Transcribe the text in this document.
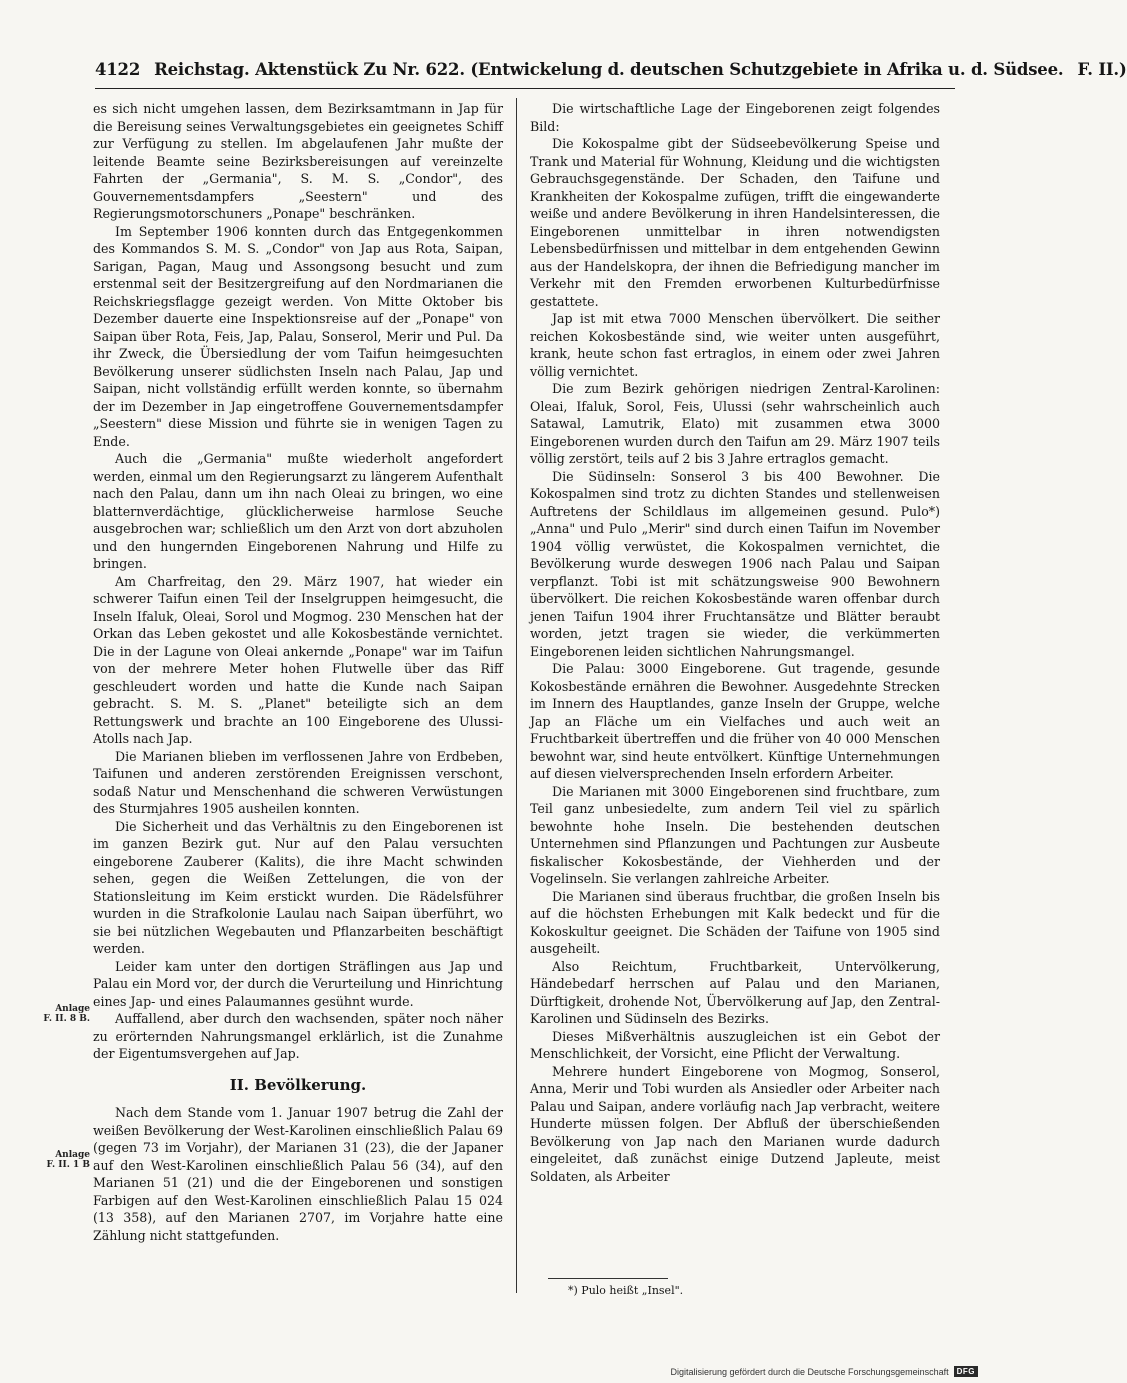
4122 Reichstag. Aktenstück Zu Nr. 622. (Entwickelung d. deutschen Schutzgebiete in Afrika u. d. Südsee. F. II.)

es sich nicht umgehen lassen, dem Bezirksamtmann in Jap für die Bereisung seines Verwaltungsgebietes ein geeignetes Schiff zur Verfügung zu stellen. Im abgelaufenen Jahr mußte der leitende Beamte seine Bezirksbereisungen auf vereinzelte Fahrten der „Germania", S. M. S. „Condor", des Gouvernementsdampfers „Seestern" und des Regierungsmotorschuners „Ponape" beschränken.

Im September 1906 konnten durch das Entgegenkommen des Kommandos S. M. S. „Condor" von Jap aus Rota, Saipan, Sarigan, Pagan, Maug und Assongsong besucht und zum erstenmal seit der Besitzergreifung auf den Nordmarianen die Reichskriegsflagge gezeigt werden. Von Mitte Oktober bis Dezember dauerte eine Inspektionsreise auf der „Ponape" von Saipan über Rota, Feis, Jap, Palau, Sonserol, Merir und Pul. Da ihr Zweck, die Übersiedlung der vom Taifun heimgesuchten Bevölkerung unserer südlichsten Inseln nach Palau, Jap und Saipan, nicht vollständig erfüllt werden konnte, so übernahm der im Dezember in Jap eingetroffene Gouvernementsdampfer „Seestern" diese Mission und führte sie in wenigen Tagen zu Ende.

Auch die „Germania" mußte wiederholt angefordert werden, einmal um den Regierungsarzt zu längerem Aufenthalt nach den Palau, dann um ihn nach Oleai zu bringen, wo eine blatternverdächtige, glücklicherweise harmlose Seuche ausgebrochen war; schließlich um den Arzt von dort abzuholen und den hungernden Eingeborenen Nahrung und Hilfe zu bringen.

Am Charfreitag, den 29. März 1907, hat wieder ein schwerer Taifun einen Teil der Inselgruppen heimgesucht, die Inseln Ifaluk, Oleai, Sorol und Mogmog. 230 Menschen hat der Orkan das Leben gekostet und alle Kokosbestände vernichtet. Die in der Lagune von Oleai ankernde „Ponape" war im Taifun von der mehrere Meter hohen Flutwelle über das Riff geschleudert worden und hatte die Kunde nach Saipan gebracht. S. M. S. „Planet" beteiligte sich an dem Rettungswerk und brachte an 100 Eingeborene des Ulussi-Atolls nach Jap.

Die Marianen blieben im verflossenen Jahre von Erdbeben, Taifunen und anderen zerstörenden Ereignissen verschont, sodaß Natur und Menschenhand die schweren Verwüstungen des Sturmjahres 1905 ausheilen konnten.

Die Sicherheit und das Verhältnis zu den Eingeborenen ist im ganzen Bezirk gut. Nur auf den Palau versuchten eingeborene Zauberer (Kalits), die ihre Macht schwinden sehen, gegen die Weißen Zettelungen, die von der Stationsleitung im Keim erstickt wurden. Die Rädelsführer wurden in die Strafkolonie Laulau nach Saipan überführt, wo sie bei nützlichen Wegebauten und Pflanzarbeiten beschäftigt werden.

Leider kam unter den dortigen Sträflingen aus Jap und Palau ein Mord vor, der durch die Verurteilung und Hinrichtung eines Jap- und eines Palaumannes gesühnt wurde.

Auffallend, aber durch den wachsenden, später noch näher zu erörternden Nahrungsmangel erklärlich, ist die Zunahme der Eigentumsvergehen auf Jap.

II. Bevölkerung.

Nach dem Stande vom 1. Januar 1907 betrug die Zahl der weißen Bevölkerung der West-Karolinen einschließlich Palau 69 (gegen 73 im Vorjahr), der Marianen 31 (23), die der Japaner auf den West-Karolinen einschließlich Palau 56 (34), auf den Marianen 51 (21) und die der Eingeborenen und sonstigen Farbigen auf den West-Karolinen einschließlich Palau 15 024 (13 358), auf den Marianen 2707, im Vorjahre hatte eine Zählung nicht stattgefunden.

Anlage
F. II. 8 B.
Anlage
F. II. 1 B

Die wirtschaftliche Lage der Eingeborenen zeigt folgendes Bild:

Die Kokospalme gibt der Südseebevölkerung Speise und Trank und Material für Wohnung, Kleidung und die wichtigsten Gebrauchsgegenstände. Der Schaden, den Taifune und Krankheiten der Kokospalme zufügen, trifft die eingewanderte weiße und andere Bevölkerung in ihren Handelsinteressen, die Eingeborenen unmittelbar in ihren notwendigsten Lebensbedürfnissen und mittelbar in dem entgehenden Gewinn aus der Handelskopra, der ihnen die Befriedigung mancher im Verkehr mit den Fremden erworbenen Kulturbedürfnisse gestattete.

Jap ist mit etwa 7000 Menschen übervölkert. Die seither reichen Kokosbestände sind, wie weiter unten ausgeführt, krank, heute schon fast ertraglos, in einem oder zwei Jahren völlig vernichtet.

Die zum Bezirk gehörigen niedrigen Zentral-Karolinen: Oleai, Ifaluk, Sorol, Feis, Ulussi (sehr wahrscheinlich auch Satawal, Lamutrik, Elato) mit zusammen etwa 3000 Eingeborenen wurden durch den Taifun am 29. März 1907 teils völlig zerstört, teils auf 2 bis 3 Jahre ertraglos gemacht.

Die Südinseln: Sonserol 3 bis 400 Bewohner. Die Kokospalmen sind trotz zu dichten Standes und stellenweisen Auftretens der Schildlaus im allgemeinen gesund. Pulo*) „Anna" und Pulo „Merir" sind durch einen Taifun im November 1904 völlig verwüstet, die Kokospalmen vernichtet, die Bevölkerung wurde deswegen 1906 nach Palau und Saipan verpflanzt. Tobi ist mit schätzungsweise 900 Bewohnern übervölkert. Die reichen Kokosbestände waren offenbar durch jenen Taifun 1904 ihrer Fruchtansätze und Blätter beraubt worden, jetzt tragen sie wieder, die verkümmerten Eingeborenen leiden sichtlichen Nahrungsmangel.

Die Palau: 3000 Eingeborene. Gut tragende, gesunde Kokosbestände ernähren die Bewohner. Ausgedehnte Strecken im Innern des Hauptlandes, ganze Inseln der Gruppe, welche Jap an Fläche um ein Vielfaches und auch weit an Fruchtbarkeit übertreffen und die früher von 40 000 Menschen bewohnt war, sind heute entvölkert. Künftige Unternehmungen auf diesen vielversprechenden Inseln erfordern Arbeiter.

Die Marianen mit 3000 Eingeborenen sind fruchtbare, zum Teil ganz unbesiedelte, zum andern Teil viel zu spärlich bewohnte hohe Inseln. Die bestehenden deutschen Unternehmen sind Pflanzungen und Pachtungen zur Ausbeute fiskalischer Kokosbestände, der Viehherden und der Vogelinseln. Sie verlangen zahlreiche Arbeiter.

Die Marianen sind überaus fruchtbar, die großen Inseln bis auf die höchsten Erhebungen mit Kalk bedeckt und für die Kokoskultur geeignet. Die Schäden der Taifune von 1905 sind ausgeheilt.

Also Reichtum, Fruchtbarkeit, Untervölkerung, Händebedarf herrschen auf Palau und den Marianen, Dürftigkeit, drohende Not, Übervölkerung auf Jap, den Zentral-Karolinen und Südinseln des Bezirks.

Dieses Mißverhältnis auszugleichen ist ein Gebot der Menschlichkeit, der Vorsicht, eine Pflicht der Verwaltung.

Mehrere hundert Eingeborene von Mogmog, Sonserol, Anna, Merir und Tobi wurden als Ansiedler oder Arbeiter nach Palau und Saipan, andere vorläufig nach Jap verbracht, weitere Hunderte müssen folgen. Der Abfluß der überschießenden Bevölkerung von Jap nach den Marianen wurde dadurch eingeleitet, daß zunächst einige Dutzend Japleute, meist Soldaten, als Arbeiter

*) Pulo heißt „Insel".
Digitalisierung gefördert durch die Deutsche Forschungsgemeinschaft	DFG
